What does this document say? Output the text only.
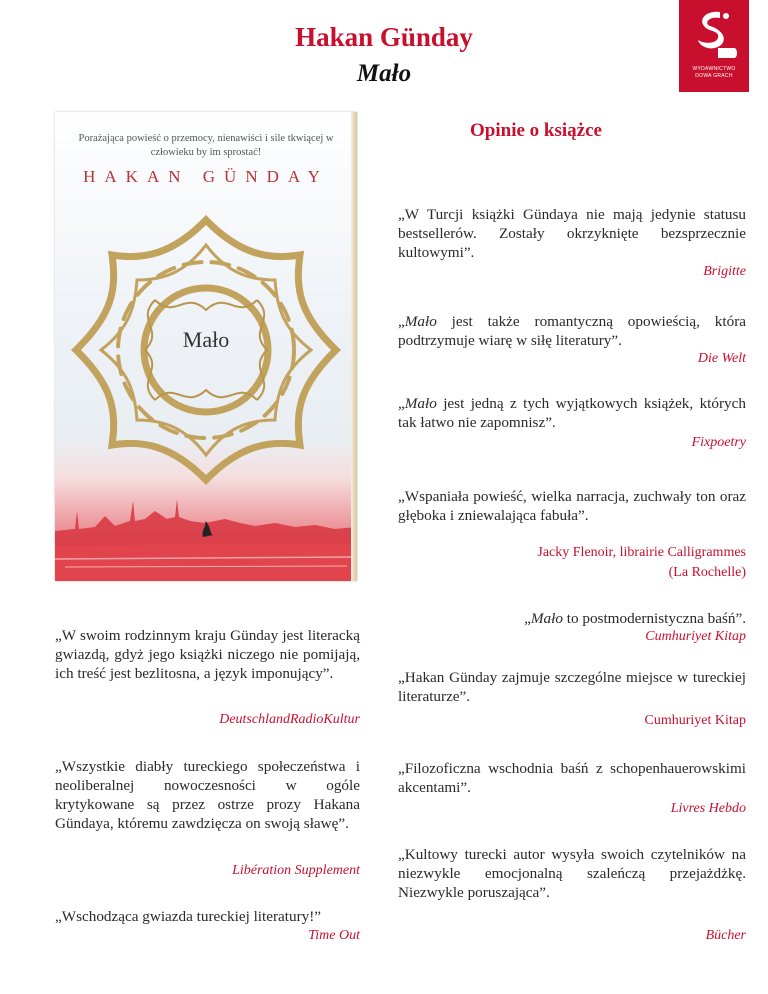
Hakan Günday
Mało	WYDAWNICTWO
DOWA GRACH
Porażająca powieść o przemocy, nienawiści i sile tkwiącej w człowieku by im sprostać!
HAKAN GÜNDAY
Mało
Opinie o książce
„W Turcji książki Gündaya nie mają jedynie statusu bestsellerów. Zostały okrzyknięte bezsprzecznie kultowymi”.
Brigitte
„Mało jest także romantyczną opowieścią, która podtrzymuje wiarę w siłę literatury”.
Die Welt
„Mało jest jedną z tych wyjątkowych książek, których tak łatwo nie zapomnisz”.
Fixpoetry
„Wspaniała powieść, wielka narracja, zuchwały ton oraz głęboka i zniewalająca fabuła”.
Jacky Flenoir, librairie Calligrammes
(La Rochelle)
„Mało to postmodernistyczna baśń”.
Cumhuriyet Kitap
„Hakan Günday zajmuje szczególne miejsce w tureckiej literaturze”.
Cumhuriyet Kitap
„Filozoficzna wschodnia baśń z schopenhauerowskimi akcentami”.
Livres Hebdo
„Kultowy turecki autor wysyła swoich czytelników na niezwykle emocjonalną szaleńczą przejażdżkę. Niezwykle poruszająca”.
Bücher
„W swoim rodzinnym kraju Günday jest literacką gwiazdą, gdyż jego książki niczego nie pomijają, ich treść jest bezlitosna, a język imponujący”.
DeutschlandRadioKultur
„Wszystkie diabły tureckiego społeczeństwa i neoliberalnej nowoczesności w ogóle krytykowane są przez ostrze prozy Hakana Gündaya, któremu zawdzięcza on swoją sławę”.
Libération Supplement
„Wschodząca gwiazda tureckiej literatury!”
Time Out
